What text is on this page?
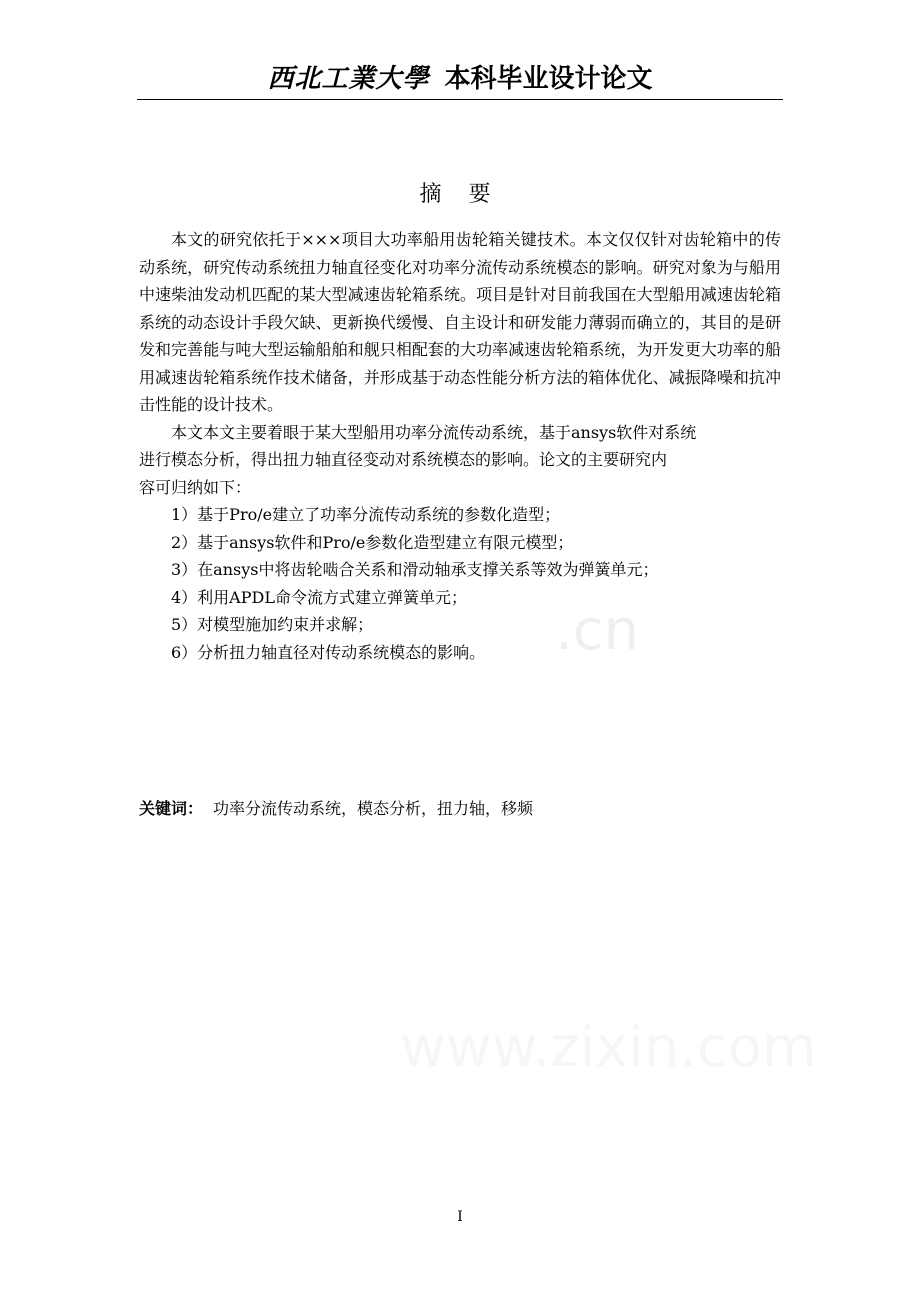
西北工業大學 本科毕业设计论文
摘 要

本文的研究依托于×××项目大功率船用齿轮箱关键技术。本文仅仅针对齿轮箱中的传动系统，研究传动系统扭力轴直径变化对功率分流传动系统模态的影响。研究对象为与船用中速柴油发动机匹配的某大型减速齿轮箱系统。项目是针对目前我国在大型船用减速齿轮箱系统的动态设计手段欠缺、更新换代缓慢、自主设计和研发能力薄弱而确立的，其目的是研发和完善能与吨大型运输船舶和舰只相配套的大功率减速齿轮箱系统，为开发更大功率的船用减速齿轮箱系统作技术储备，并形成基于动态性能分析方法的箱体优化、减振降噪和抗冲击性能的设计技术。

本文本文主要着眼于某大型船用功率分流传动系统，基于ansys软件对系统

进行模态分析，得出扭力轴直径变动对系统模态的影响。论文的主要研究内

容可归纳如下：

1）基于Pro/e建立了功率分流传动系统的参数化造型；

2）基于ansys软件和Pro/e参数化造型建立有限元模型；

3）在ansys中将齿轮啮合关系和滑动轴承支撑关系等效为弹簧单元；

4）利用APDL命令流方式建立弹簧单元；

5）对模型施加约束并求解；

6）分析扭力轴直径对传动系统模态的影响。

关键词： 功率分流传动系统，模态分析，扭力轴，移频
.cn
I
